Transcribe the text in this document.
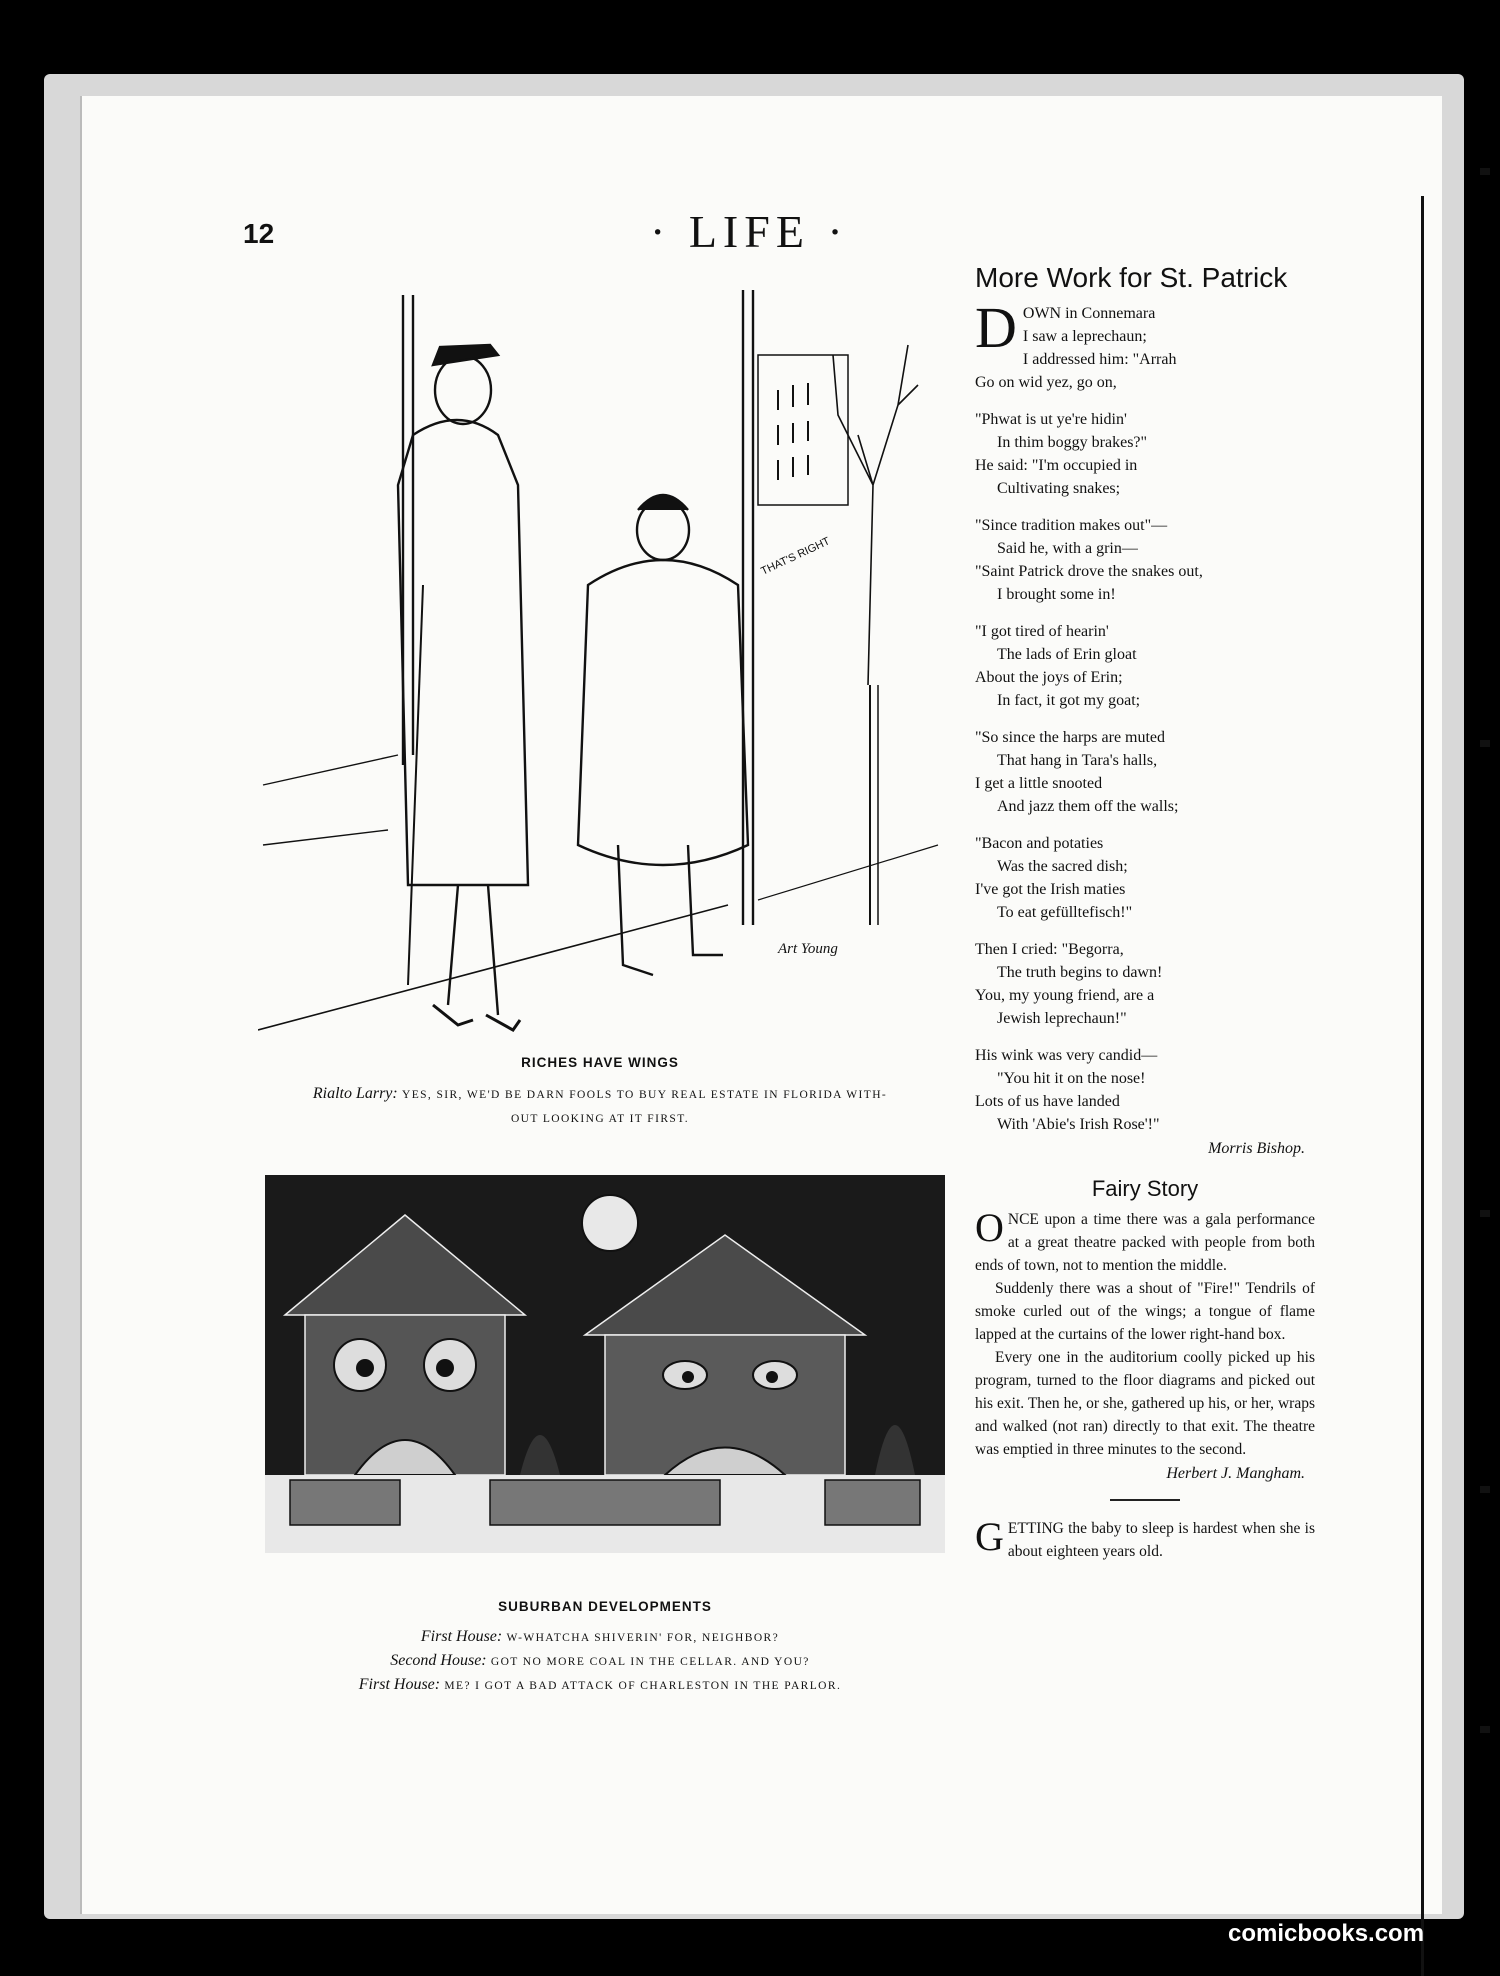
12	· LIFE ·
THAT'S RIGHT
Art Young
RICHES HAVE WINGS
Rialto Larry: YES, SIR, WE'D BE DARN FOOLS TO BUY REAL ESTATE IN FLORIDA WITH-
OUT LOOKING AT IT FIRST.
SUBURBAN DEVELOPMENTS
First House: W-WHATCHA SHIVERIN' FOR, NEIGHBOR?
Second House: GOT NO MORE COAL IN THE CELLAR. AND YOU?
First House: ME? I GOT A BAD ATTACK OF CHARLESTON IN THE PARLOR.
More Work for St. Patrick
D OWN in Connemara
I saw a leprechaun;
I addressed him: "Arrah
Go on wid yez, go on,
"Phwat is ut ye're hidin'
In thim boggy brakes?"
He said: "I'm occupied in
Cultivating snakes;
"Since tradition makes out"—
Said he, with a grin—
"Saint Patrick drove the snakes out,
I brought some in!
"I got tired of hearin'
The lads of Erin gloat
About the joys of Erin;
In fact, it got my goat;
"So since the harps are muted
That hang in Tara's halls,
I get a little snooted
And jazz them off the walls;
"Bacon and potaties
Was the sacred dish;
I've got the Irish maties
To eat gefülltefisch!"
Then I cried: "Begorra,
The truth begins to dawn!
You, my young friend, are a
Jewish leprechaun!"
His wink was very candid—
"You hit it on the nose!
Lots of us have landed
With 'Abie's Irish Rose'!"
Morris Bishop.
Fairy Story

ONCE upon a time there was a gala performance at a great theatre packed with people from both ends of town, not to mention the middle.

Suddenly there was a shout of "Fire!" Tendrils of smoke curled out of the wings; a tongue of flame lapped at the curtains of the lower right-hand box.

Every one in the auditorium coolly picked up his program, turned to the floor diagrams and picked out his exit. Then he, or she, gathered up his, or her, wraps and walked (not ran) directly to that exit. The theatre was emptied in three minutes to the second.

Herbert J. Mangham.

GETTING the baby to sleep is hardest when she is about eighteen years old.

comicbooks.com
